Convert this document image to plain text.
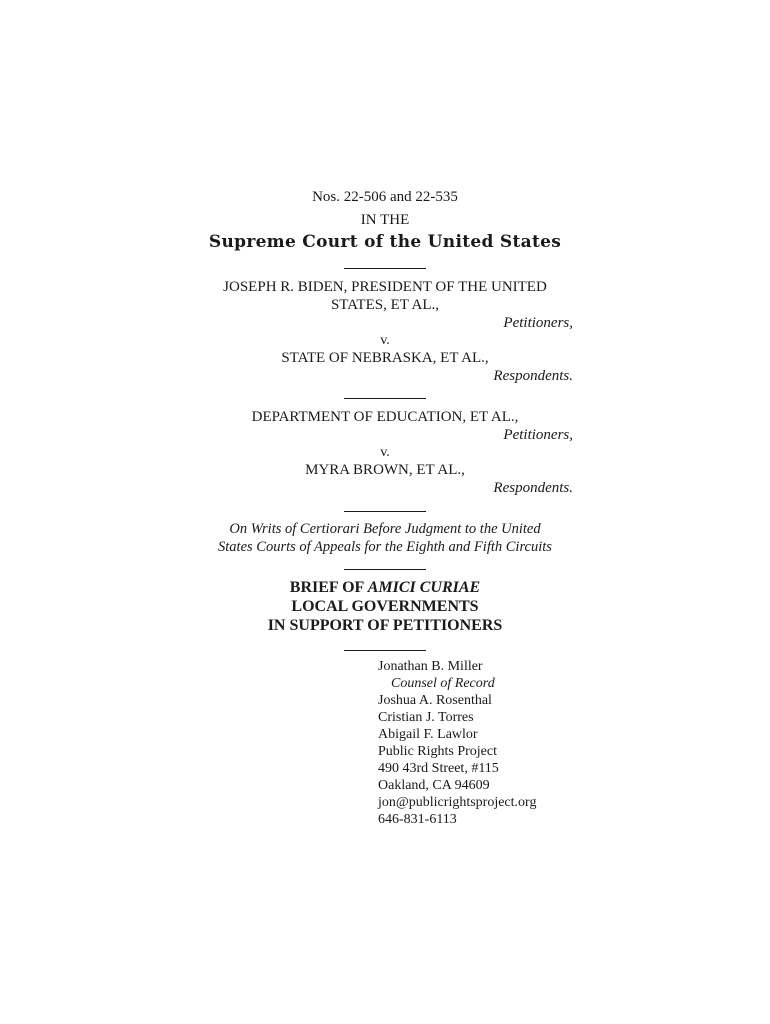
Nos. 22-506 and 22-535
IN THE
Supreme Court of the United States
JOSEPH R. BIDEN, PRESIDENT OF THE UNITED
STATES, ET AL.,
Petitioners,
v.
STATE OF NEBRASKA, ET AL.,
Respondents.
DEPARTMENT OF EDUCATION, ET AL.,
Petitioners,
v.
MYRA BROWN, ET AL.,
Respondents.
On Writs of Certiorari Before Judgment to the United
States Courts of Appeals for the Eighth and Fifth Circuits
BRIEF OF AMICI CURIAE
LOCAL GOVERNMENTS
IN SUPPORT OF PETITIONERS
Jonathan B. Miller
Counsel of Record
Joshua A. Rosenthal
Cristian J. Torres
Abigail F. Lawlor
Public Rights Project
490 43rd Street, #115
Oakland, CA 94609
jon@publicrightsproject.org
646-831-6113
